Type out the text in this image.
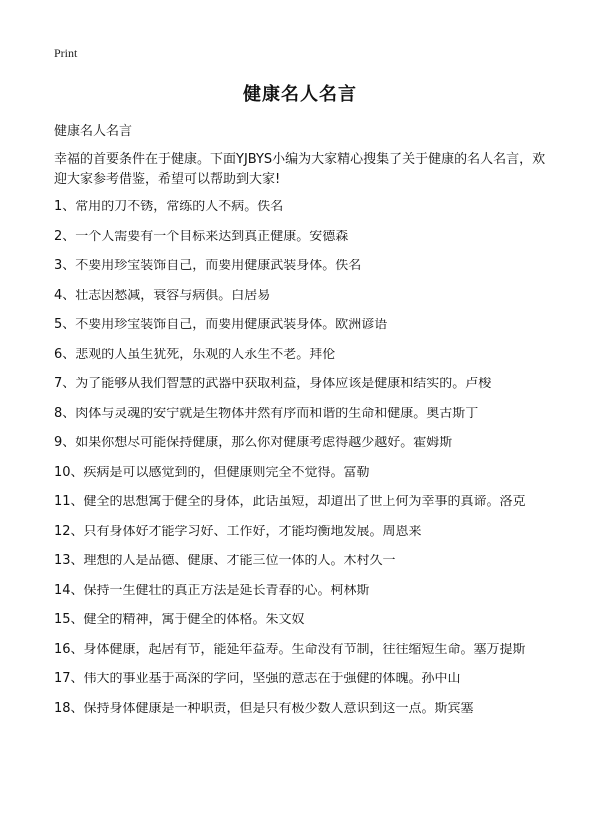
Print
健康名人名言
健康名人名言
幸福的首要条件在于健康。下面YJBYS小编为大家精心搜集了关于健康的名人名言，欢迎大家参考借鉴，希望可以帮助到大家!
1、常用的刀不锈，常练的人不病。佚名
2、一个人需要有一个目标来达到真正健康。安德森
3、不要用珍宝装饰自己，而要用健康武装身体。佚名
4、壮志因愁减，衰容与病俱。白居易
5、不要用珍宝装饰自己，而要用健康武装身体。欧洲谚语
6、悲观的人虽生犹死，乐观的人永生不老。拜伦
7、为了能够从我们智慧的武器中获取利益，身体应该是健康和结实的。卢梭
8、肉体与灵魂的安宁就是生物体井然有序而和谐的生命和健康。奥古斯丁
9、如果你想尽可能保持健康，那么你对健康考虑得越少越好。霍姆斯
10、疾病是可以感觉到的，但健康则完全不觉得。富勒
11、健全的思想寓于健全的身体，此话虽短，却道出了世上何为幸事的真谛。洛克
12、只有身体好才能学习好、工作好，才能均衡地发展。周恩来
13、理想的人是品德、健康、才能三位一体的人。木村久一
14、保持一生健壮的真正方法是延长青春的心。柯林斯
15、健全的精神，寓于健全的体格。朱文奴
16、身体健康，起居有节，能延年益寿。生命没有节制，往往缩短生命。塞万提斯
17、伟大的事业基于高深的学问，坚强的意志在于强健的体魄。孙中山
18、保持身体健康是一种职责，但是只有极少数人意识到这一点。斯宾塞
